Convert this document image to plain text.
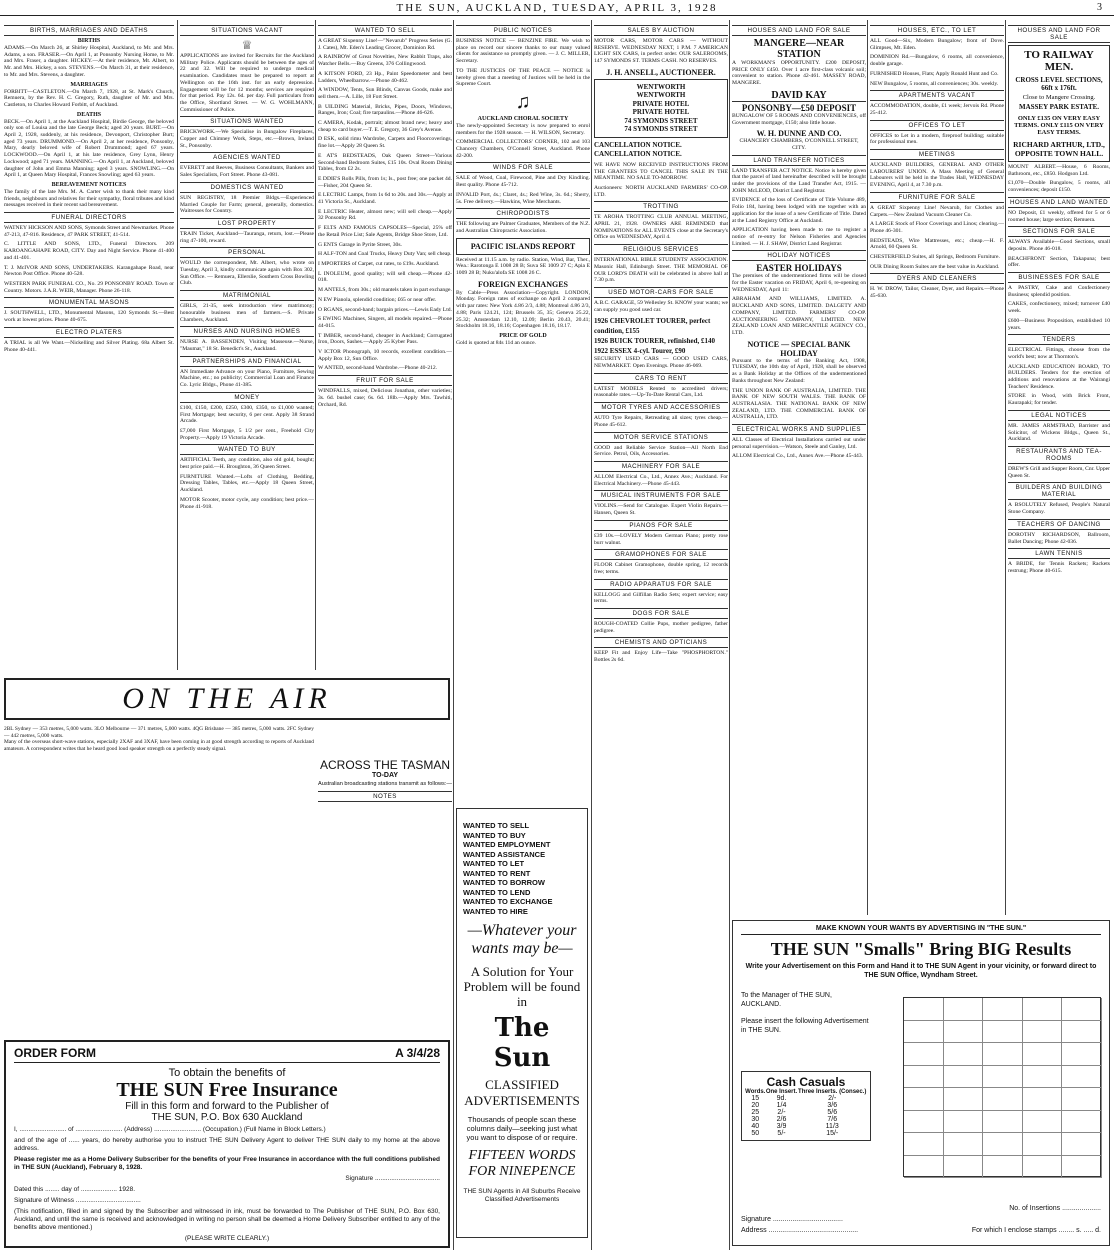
THE SUN, AUCKLAND, TUESDAY, APRIL 3, 1928	3
BIRTHS, MARRIAGES AND DEATHS
BIRTHS
ADAMS.—On March 26, at Shirley Hospital, Auckland, to Mr. and Mrs. Adams, a son. FRASER.—On April 1, at Ponsonby Nursing Home, to Mr. and Mrs. Fraser, a daughter. HICKEY.—At their residence, Mt. Albert, to Mr. and Mrs. Hickey, a son. STEVENS.—On March 31, at their residence, to Mr. and Mrs. Stevens, a daughter.
MARRIAGES
FORBITT—CASTLETON.—On March 7, 1928, at St. Mark's Church, Remuera, by the Rev. H. C. Gregory, Ruth, daughter of Mr. and Mrs. Castleton, to Charles Howard Forbitt, of Auckland.
DEATHS
BECK.—On April 1, at the Auckland Hospital, Birdie George, the beloved only son of Louisa and the late George Beck; aged 20 years. BURT.—On April 2, 1928, suddenly, at his residence, Devonport, Christopher Burt; aged 73 years. DRUMMOND.—On April 2, at her residence, Ponsonby, Mary, dearly beloved wife of Robert Drummond; aged 67 years. LOCKWOOD.—On April 1, at his late residence, Grey Lynn, Henry Lockwood; aged 71 years. MANNING.—On April 1, at Auckland, beloved daughter of John and Emma Manning; aged 3 years. SNOWLING.—On April 1, at Queen Mary Hospital, Frances Snowling; aged 63 years.
BEREAVEMENT NOTICES
The family of the late Mrs. M. A. Carter wish to thank their many kind friends, neighbours and relatives for their sympathy, floral tributes and kind messages received in their recent sad bereavement.
FUNERAL DIRECTORS
WATNEY HICKSON AND SONS, Symonds Street and Newmarket. Phone 47-213, 47-816. Residence, 47 PARK STREET, 41-514.
C. LITTLE AND SONS, LTD., Funeral Directors. 209 KAROANGAHAPE ROAD, CITY. Day and Night Service. Phone 41-400 and 41-401.
T. J. McIVOR AND SONS, UNDERTAKERS. Karangahape Road, near Newton Post Office. Phone 40-528.
WESTERN PARK FUNERAL CO., No. 29 PONSONBY ROAD. Town or Country. Motors. J.A.R. WEIR, Manager. Phone 26-118.
MONUMENTAL MASONS
J. SOUTHWELL, LTD., Monumental Masons, 120 Symonds St.—Best work at lowest prices. Phone 40-675.
ELECTRO PLATERS
A TRIAL is all We Want.—Nickelling and Silver Plating. 68a Albert St. Phone 40-441.
SITUATIONS VACANT
♕
APPLICATIONS are invited for Recruits for the Auckland Military Police. Applicants should be between the ages of 22 and 32. Will be required to undergo medical examination. Candidates must be prepared to report at Wellington on the 16th inst. for an early depression. Engagement will be for 12 months; services are required for that period. Pay 12s. 6d. per day. Full particulars from the Office, Shortland Street. — W. G. WOHLMANN, Commissioner of Police.
SITUATIONS WANTED
BRICKWORK.—We Specialise in Bungalow Fireplaces, Copper and Chimney Work, Steps, etc.—Brown, Ireland St., Ponsonby.
AGENCIES WANTED
EVERETT and Reeves, Business Consultants, Bankers and Sales Specialists, Fort Street. Phone 43-081.
DOMESTICS WANTED
SUN REGISTRY, 18 Premier Bldgs.—Experienced Married Couple for Farm; general, generally, domestics. Waitresses for Country.
LOST PROPERTY
TRAIN Ticket, Auckland—Tauranga, return, lost.—Please ring 47-100, reward.
PERSONAL
WOULD the correspondent, Mt. Albert, who wrote on Tuesday, April 3, kindly communicate again with Box 302, Sun Office. — Remuera, Ellerslie, Southern Cross Bowling Club.
MATRIMONIAL
GIRLS, 21-35, seek introduction view matrimony; honourable business men of farmers.—S. Private Chambers, Auckland.
NURSES AND NURSING HOMES
NURSE A. BASSENDEN, Visiting Masseuse.—Nurse, "Maumat," 18 St. Benedict's St., Auckland.
PARTNERSHIPS AND FINANCIAL
AN Immediate Advance on your Piano, Furniture, Sewing Machine, etc.; no publicity; Commercial Loan and Finance Co. Lyric Bldgs., Phone 41-385.
MONEY
£100, £150, £200, £250, £300, £350, to £1,000 wanted; First Mortgage; best security, 6 per cent. Apply 38 Strand Arcade.
£7,000 First Mortgage, 5 1/2 per cent., Freehold City Property.—Apply 19 Victoria Arcade.
WANTED TO BUY
ARTIFICIAL Teeth, any condition, also old gold, bought; best price paid.—H. Broughton, 36 Queen Street.
FURNITURE Wanted.—Lofts of Clothing, Bedding, Dressing Tables, Tables, etc.—Apply 18 Queen Street, Auckland.
MOTOR Scooter, motor cycle, any condition; best price.—Phone 41-918.
WANTED TO SELL
A GREAT Sixpenny Line!—"Nevarub" Progress Series (G. J. Cates), Mt. Eden's Leading Grocer, Dominion Rd.
A RAINBOW of Great Novelties, New Rabbit Traps, also Watcher Bells.—Buy Greens, 376 Collingwood.
A KITSON FORD, 23 Hp., Paint Speedometer and best Ladders, Wheelbarrow.—Phone 40-462.
A WINDOW, Tents, Sun Blinds, Canvas Goods, make and sell them.—A. Lille, 18 Fort Street.
B UILDING Material, Bricks, Pipes, Doors, Windows, Ranges, Iron; Coal; fire tarpaulins.—Phone 46-626.
C AMERA, Kodak, portrait; almost brand new; heavy and cheap to card buyer.—T. E. Gregory, 36 Grey's Avenue.
D ESK, solid rimu Wardrobe, Carpets and Floorcoverings, fine lot.—Apply 28 Queen St.
E AT'S BEDSTEADS, Oak Queen Street—Various Second-hand Bedroom Suites, £15 10s. Oval Room Dining Tables, from £2 2s.
E DDIE'S Rolls Pills, from 1s; Is., post free; one packet 4d.—Fisher, 204 Queen St.
E LECTRIC Lamps, from 1s 6d to 20s. and 30s.—Apply at 41 Victoria St., Auckland.
E LECTRIC Heater, almost new; will sell cheap.—Apply 32 Ponsonby Rd.
F ELTS AND FAMOUS CAPSOLES—Special, 25% off the Retail Price List; Sale Agents, Bridge Shoe Store, Ltd.
G ENTS Garage in Pyrite Street, 30s.
H ALF-TON and Coal Trucks, Heavy Duty Van; sell cheap.
I MPORTERS of Carpet, cut rates, to £19s. Auckland.
L INOLEUM, good quality; will sell cheap.—Phone 42-018.
M ANTELS, from 30s.; old mantels taken in part exchange.
N EW Pianola, splendid condition; £65 or near offer.
O RGANS, second-hand; bargain prices.—Lewis Eady Ltd.
S EWING Machines, Singers, all models repaired.—Phone 44-015.
T IMBER, second-hand, cheaper in Auckland; Corrugated Iron, Doors, Sashes.—Apply 25 Kyber Pass.
V ICTOR Phonograph, 10 records, excellent condition.—Apply Box 12, Sun Office.
W ANTED, second-hand Wardrobe.—Phone 40-212.
FRUIT FOR SALE
WINDFALLS, mixed, Delicious Jonathan, other varieties; 3s. 6d. bushel case; 6s. 6d. 18lb.—Apply Mrs. Tawhiti, Orchard, Rd.
ON THE AIR
2BL Sydney — 353 metres, 5,000 watts. 3LO Melbourne — 371 metres, 5,000 watts. 4QG Brisbane — 385 metres, 5,000 watts. 2FC Sydney — 442 metres, 5,000 watts.
Many of the overseas short-wave stations, especially 2XAF and 3XAF, have been coming in at good strength according to reports of Auckland amateurs. A correspondent writes that he heard good loud speaker strength on a perfectly steady signal.
ACROSS THE TASMAN
TO-DAY
Australian broadcasting stations transmit as follows:—
NOTES
ORDER FORM	A 3/4/28
To obtain the benefits of
THE SUN Free Insurance
Fill in this form and forward to the Publisher of
THE SUN, P.O. Box 630 Auckland
I, .......................... of .......................... (Address) .......................... (Occupation.) (Full Name in Block Letters.)
and of the age of ...... years, do hereby authorise you to instruct THE SUN Delivery Agent to deliver THE SUN daily to my home at the above address.
Please register me as a Home Delivery Subscriber for the benefits of your Free Insurance in accordance with the full conditions published in THE SUN (Auckland), February 8, 1928.
Signature ....................................
Dated this ........ day of .................... 1928.
Signature of Witness ....................................
(This notification, filled in and signed by the Subscriber and witnessed in ink, must be forwarded to The Publisher of THE SUN, P.O. Box 630, Auckland, and until the same is received and acknowledged in writing no person shall be deemed a Home Delivery Subscriber entitled to any of the benefits above mentioned.)
(PLEASE WRITE CLEARLY.)
PUBLIC NOTICES
BUSINESS NOTICE — BENZINE FIRE. We wish to place on record our sincere thanks to our many valued clients for assistance so promptly given. — J. C. MILLER, Secretary.
TO THE JUSTICES OF THE PEACE — NOTICE is hereby given that a meeting of Justices will be held in the Supreme Court.
♫
AUCKLAND CHORAL SOCIETY
The newly-appointed Secretary is now prepared to enrol members for the 1928 season. — H. WILSON, Secretary.
COMMERCIAL COLLECTORS' CORNER, 102 and 103 Chancery Chambers, O'Connell Street, Auckland. Phone 42-200.
WINDS FOR SALE
SALE of Wood, Coal, Firewood, Pine and Dry Kindling. Best quality. Phone 45-712.
INVALID Port, 4s.; Claret, 4s.; Red Wine, 3s. 6d.; Sherry, 5s. Free delivery.—Hawkins, Wine Merchants.
CHIROPODISTS
THE following are Palmer Graduates, Members of the N.Z. and Australian Chiropractic Association.
PACIFIC ISLANDS REPORT
Received at 11.15 a.m. by radio. Station, Wind, Bar, Ther., Wea.: Rarotonga E 1008 28 B; Suva SE 1009 27 C; Apia E 1009 28 B; Nuku'alofa SE 1008 26 C.
FOREIGN EXCHANGES
By Cable—Press Association—Copyright. LONDON, Monday. Foreign rates of exchange on April 2 compared with par rates: New York 4.86 2/3, 4.88; Montreal 4.86 2/3, 4.88; Paris 124.21, 124; Brussels 35, 35; Geneva 25.22, 25.32; Amsterdam 12.10, 12.09; Berlin 20.43, 20.41; Stockholm 18.16, 18.16; Copenhagen 18.16, 18.17.
PRICE OF GOLD
Gold is quoted at 84s 11d an ounce.
WANTED TO SELL
WANTED TO BUY
WANTED EMPLOYMENT
WANTED ASSISTANCE
WANTED TO LET
WANTED TO RENT
WANTED TO BORROW
WANTED TO LEND
WANTED TO EXCHANGE
WANTED TO HIRE
—Whatever your wants may be—
A Solution for Your Problem will be found in
The Sun
CLASSIFIED ADVERTISEMENTS
Thousands of people scan these columns daily—seeking just what you want to dispose of or require.
FIFTEEN WORDS FOR NINEPENCE
THE SUN Agents in All Suburbs Receive Classified Advertisements
SALES BY AUCTION
MOTOR CARS, MOTOR CARS — WITHOUT RESERVE. WEDNESDAY NEXT, 1 P.M. 7 AMERICAN LIGHT SIX CARS, in perfect order. OUR SALEROOMS, 147 SYMONDS ST. TERMS CASH. NO RESERVES.
J. H. ANSELL, AUCTIONEER.
WENTWORTH
WENTWORTH
PRIVATE HOTEL
PRIVATE HOTEL
74 SYMONDS STREET
74 SYMONDS STREET
CANCELLATION NOTICE.
CANCELLATION NOTICE.
WE HAVE NOW RECEIVED INSTRUCTIONS FROM THE GRANTEES TO CANCEL THIS SALE IN THE MEANTIME. NO SALE TO-MORROW.
Auctioneers: NORTH AUCKLAND FARMERS' CO-OP. LTD.
TROTTING
TE AROHA TROTTING CLUB ANNUAL MEETING, APRIL 21, 1928. OWNERS ARE REMINDED that NOMINATIONS for ALL EVENTS close at the Secretary's Office on WEDNESDAY, April 4.
RELIGIOUS SERVICES
INTERNATIONAL BIBLE STUDENTS' ASSOCIATION. Masonic Hall, Edinburgh Street. THE MEMORIAL OF OUR LORD'S DEATH will be celebrated in above hall at 7.30 p.m.
USED MOTOR-CARS FOR SALE
A.B.C. GARAGE, 59 Wellesley St. KNOW your wants; we can supply you good used car.
1926 CHEVROLET TOURER, perfect condition, £155
1926 BUICK TOURER, refinished, £140
1922 ESSEX 4-cyl. Tourer, £90
SECURITY USED CARS — GOOD USED CARS, NEWMARKET. Open Evenings. Phone 46-069.
CARS TO RENT
LATEST MODELS Rented to accredited drivers; reasonable rates.—Up-To-Date Rental Cars, Ltd.
MOTOR TYRES AND ACCESSORIES
AUTO Tyre Repairs, Retreading all sizes; tyres cheap.—Phone 45-612.
MOTOR SERVICE STATIONS
GOOD and Reliable Service Station—All North End Service. Petrol, Oils, Accessories.
MACHINERY FOR SALE
ALLOM Electrical Co., Ltd., Annex Ave.; Auckland. For Electrical Machinery.—Phone 45-443.
MUSICAL INSTRUMENTS FOR SALE
VIOLINS.—Send for Catalogue. Expert Violin Repairs.—Hansen, Queen St.
PIANOS FOR SALE
£39 10s.—LOVELY Modern German Piano; pretty rose burr walnut.
GRAMOPHONES FOR SALE
FLOOR Cabinet Gramophone, double spring, 12 records free; terms.
RADIO APPARATUS FOR SALE
KELLOGG and Gilfillan Radio Sets; expert service; easy terms.
DOGS FOR SALE
ROUGH-COATED Collie Pups, mother pedigree, father pedigree.
CHEMISTS AND OPTICIANS
KEEP Fit and Enjoy Life—Take "PHOSPHORTON." Bottles 2s 6d.
HOUSES AND LAND FOR SALE
MANGERE—NEAR STATION
A WORKMAN'S OPPORTUNITY. £200 DEPOSIT, PRICE ONLY £450. Over 1 acre first-class volcanic soil; convenient to station. Phone 42-461. MASSEY ROAD, MANGERE.
DAVID KAY
PONSONBY—£50 DEPOSIT
BUNGALOW OF 5 ROOMS AND CONVENIENCES, off Government mortgage, £150; also little house.
W. H. DUNNE AND CO.
CHANCERY CHAMBERS, O'CONNELL STREET, CITY.
LAND TRANSFER NOTICES
LAND TRANSFER ACT NOTICE. Notice is hereby given that the parcel of land hereinafter described will be brought under the provisions of the Land Transfer Act, 1915. — JOHN McLEOD, District Land Registrar.
EVIDENCE of the loss of Certificate of Title Volume 489, Folio 184, having been lodged with me together with an application for the issue of a new Certificate of Title. Dated at the Land Registry Office at Auckland.
APPLICATION having been made to me to register a notice of re-entry for Nelson Fisheries and Agencies Limited. — H. J. SHAW, District Land Registrar.
HOLIDAY NOTICES
EASTER HOLIDAYS
The premises of the undermentioned firms will be closed for the Easter vacation on FRIDAY, April 6, re-opening on WEDNESDAY, April 11:
ABRAHAM AND WILLIAMS, LIMITED. A. BUCKLAND AND SONS, LIMITED. DALGETY AND COMPANY, LIMITED. FARMERS' CO-OP. AUCTIONEERING COMPANY, LIMITED. NEW ZEALAND LOAN AND MERCANTILE AGENCY CO., LTD.
NOTICE — SPECIAL BANK HOLIDAY
Pursuant to the terms of the Banking Act, 1908, TUESDAY, the 10th day of April, 1928, shall be observed as a Bank Holiday at the Offices of the undermentioned Banks throughout New Zealand:
THE UNION BANK OF AUSTRALIA, LIMITED. THE BANK OF NEW SOUTH WALES. THE BANK OF AUSTRALASIA. THE NATIONAL BANK OF NEW ZEALAND, LTD. THE COMMERCIAL BANK OF AUSTRALIA, LTD.
ELECTRICAL WORKS AND SUPPLIES
ALL Classes of Electrical Installations carried out under personal supervision.—Watson, Steele and Ganley, Ltd.
ALLOM Electrical Co., Ltd., Annex Ave.—Phone 45-443.
HOUSES, ETC., TO LET
ALL Good—Six, Modern Bungalow; front of Dove. Glimpses, Mt. Eden.
DOMINION Rd.—Bungalow, 6 rooms, all convenience, double garage.
FURNISHED Houses, Flats; Apply Ronald Hunt and Co.
NEW Bungalow, 5 rooms, all conveniences; 30s. weekly.
APARTMENTS VACANT
ACCOMMODATION, double, £1 week; Jervois Rd. Phone 25-412.
OFFICES TO LET
OFFICES to Let in a modern, fireproof building; suitable for professional men.
MEETINGS
AUCKLAND BUILDERS, GENERAL AND OTHER LABOURERS' UNION. A Mass Meeting of General Labourers will be held in the Trades Hall, WEDNESDAY EVENING, April 4, at 7.30 p.m.
FURNITURE FOR SALE
A GREAT Sixpenny Line! Nevarub, for Clothes and Carpets.—New Zealand Vacuum Cleaner Co.
A LARGE Stock of Floor Coverings and Linos; clearing.—Phone 46-301.
BEDSTEADS, Wire Mattresses, etc.; cheap.—H. F. Arnold, 60 Queen St.
CHESTERFIELD Suites, all Springs, Bedroom Furniture.
OUR Dining Room Suites are the best value in Auckland.
DYERS AND CLEANERS
H. W. DROW, Tailor, Cleaner, Dyer, and Repairs.—Phone 45-630.
HOUSES AND LAND FOR SALE
TO RAILWAY MEN.
CROSS LEVEL SECTIONS, 66ft x 176ft.
Close to Mangere Crossing.
MASSEY PARK ESTATE.
ONLY £135 ON VERY EASY TERMS. ONLY £115 ON VERY EASY TERMS.
RICHARD ARTHUR, LTD., OPPOSITE TOWN HALL.
MOUNT ALBERT.—House, 6 Rooms, Bathroom, etc., £850. Hodgson Ltd.
£1,070—Double Bungalow, 5 rooms, all conveniences; deposit £150.
HOUSES AND LAND WANTED
NO Deposit, £1 weekly, offered for 5 or 6 roomed house; large section; Remuera.
SECTIONS FOR SALE
ALWAYS Available—Good Sections, small deposits. Phone 46-018.
BEACHFRONT Section, Takapuna; best offer.
BUSINESSES FOR SALE
A PASTRY, Cake and Confectionery Business; splendid position.
CAKES, confectionery, mixed; turnover £40 week.
£600—Business Proposition, established 10 years.
TENDERS
ELECTRICAL Fittings, choose from the world's best; now at Thornton's.
AUCKLAND EDUCATION BOARD, TO BUILDERS. Tenders for the erection of additions and renovations at the Wairangi Teachers' Residence.
STORE in Wood, with Brick Front, Kaurapaki; for tender.
LEGAL NOTICES
MR. JAMES ARMSTRAD, Barrister and Solicitor, of Wickens Bldgs., Queen St., Auckland.
RESTAURANTS AND TEA-ROOMS
DREW'S Grill and Supper Room, Cnr. Upper Queen St.
BUILDERS AND BUILDING MATERIAL
A BSOLUTELY Refused, People's Natural Stone Company.
TEACHERS OF DANCING
DOROTHY RICHARDSON, Ballroom, Ballet Dancing; Phone 42-036.
LAWN TENNIS
A BRIDE, for Tennis Rackets; Rackets restrung; Phone 40-615.
MAKE KNOWN YOUR WANTS BY ADVERTISING IN "THE SUN."
THE SUN "Smalls" Bring BIG Results
Write your Advertisement on this Form and Hand it to THE SUN Agent in your vicinity, or forward direct to THE SUN Office, Wyndham Street.
To the Manager of THE SUN, AUCKLAND.
Please insert the following Advertisement in THE SUN.
Cash Casuals
Words.	One Insert.	Three Inserts. (Consec.)
15	9d.	2/-
20	1/4	3/6
25	2/-	5/6
30	2/6	7/6
40	3/9	11/3
50	5/-	15/-
No. of Insertions ....................
Signature ....................................
Address ..............................................	For which I enclose stamps ........ s. ..... d.
